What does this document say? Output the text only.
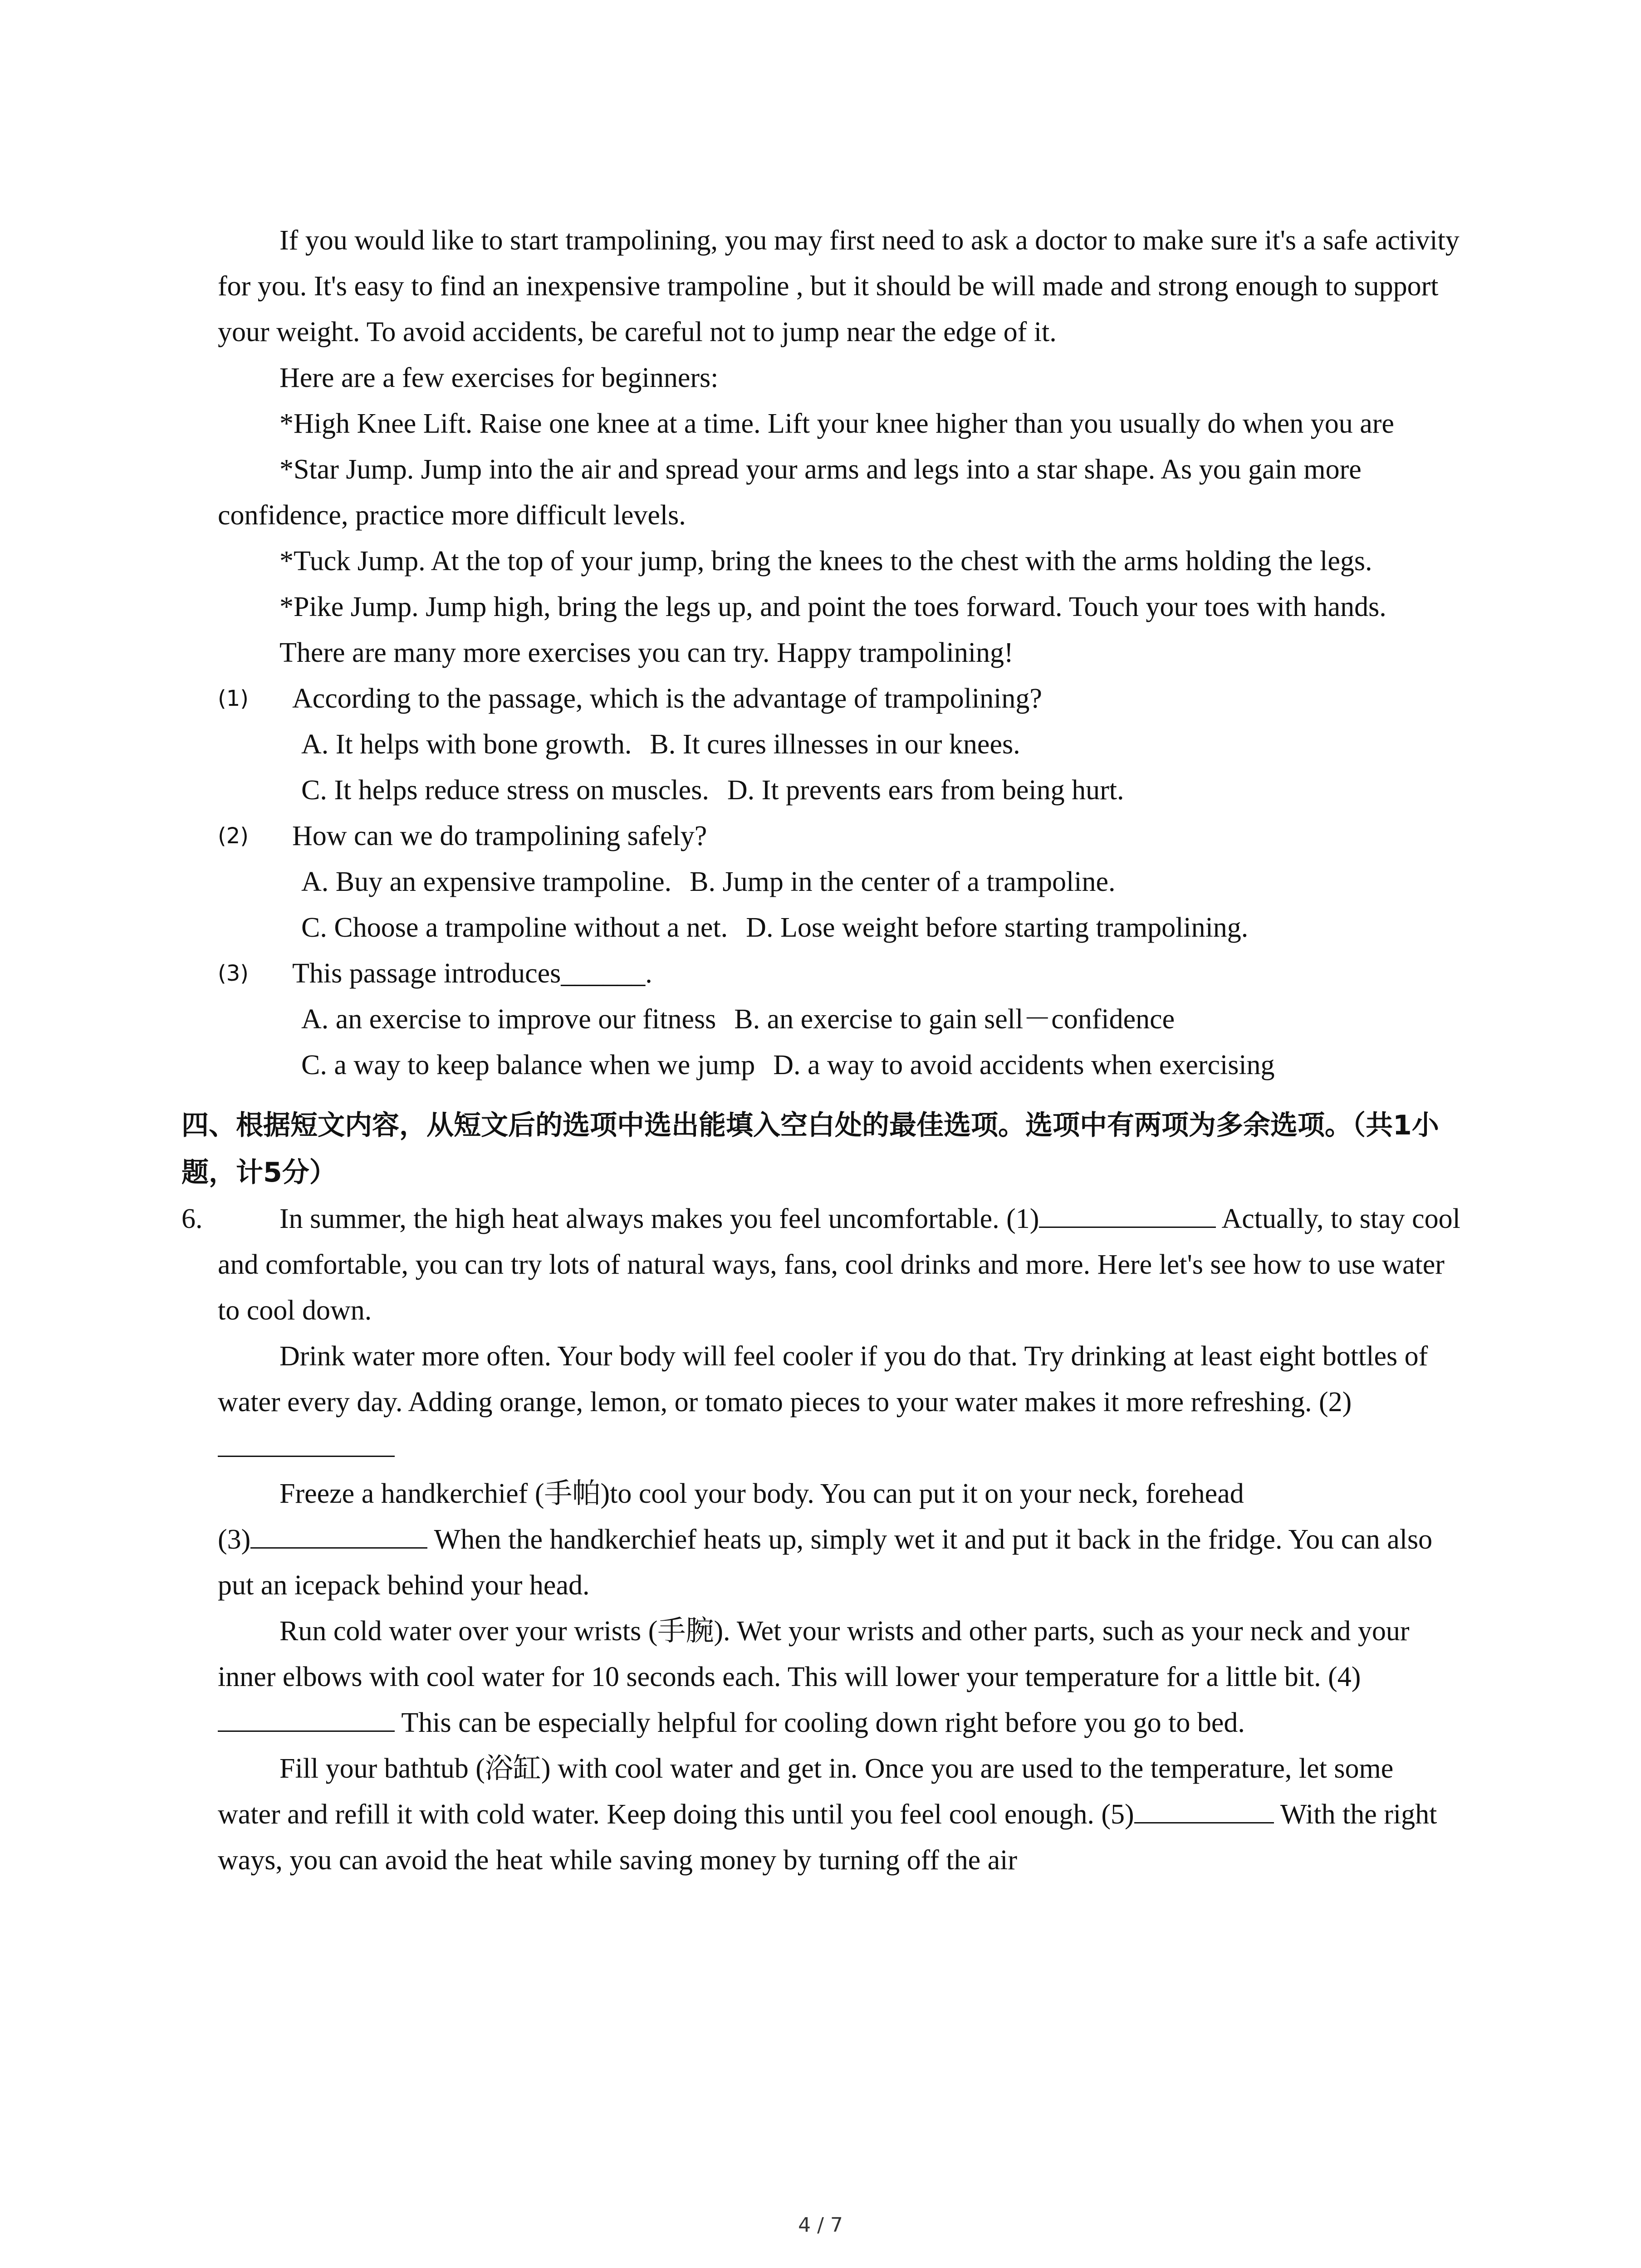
If you would like to start trampolining, you may first need to ask a doctor to make sure it's a safe activity for you. It's easy to find an inexpensive trampoline , but it should be will made and strong enough to support your weight. To avoid accidents, be careful not to jump near the edge of it.

Here are a few exercises for beginners:

*High Knee Lift. Raise one knee at a time. Lift your knee higher than you usually do when you are

*Star Jump. Jump into the air and spread your arms and legs into a star shape. As you gain more confidence, practice more difficult levels.

*Tuck Jump. At the top of your jump, bring the knees to the chest with the arms holding the legs.

*Pike Jump. Jump high, bring the legs up, and point the toes forward. Touch your toes with hands.

There are many more exercises you can try. Happy trampolining!

(1) According to the passage, which is the advantage of trampolining?

A. It helps with bone growth. B. It cures illnesses in our knees.

C. It helps reduce stress on muscles. D. It prevents ears from being hurt.

(2) How can we do trampolining safely?

A. Buy an expensive trampoline. B. Jump in the center of a trampoline.

C. Choose a trampoline without a net. D. Lose weight before starting trampolining.

(3) This passage introduces______.

A. an exercise to improve our fitness B. an exercise to gain sell－confidence

C. a way to keep balance when we jump D. a way to avoid accidents when exercising

四、根据短文内容，从短文后的选项中选出能填入空白处的最佳选项。选项中有两项为多余选项。（共1小题，计5分）

6.	In summer, the high heat always makes you feel uncomfortable. (1)	Actually, to stay cool and comfortable, you can try lots of natural ways, fans, cool drinks and more. Here let's see how to use water to cool down.

Drink water more often. Your body will feel cooler if you do that. Try drinking at least eight bottles of water every day. Adding orange, lemon, or tomato pieces to your water makes it more refreshing. (2)

Freeze a handkerchief (手帕)to cool your body. You can put it on your neck, forehead

(3)	When the handkerchief heats up, simply wet it and put it back in the fridge. You can also put an icepack behind your head.

Run cold water over your wrists (手腕). Wet your wrists and other parts, such as your neck and your inner elbows with cool water for 10 seconds each. This will lower your temperature for a little bit. (4) This can be especially helpful for cooling down right before you go to bed.

Fill your bathtub (浴缸) with cool water and get in. Once you are used to the temperature, let some water and refill it with cold water. Keep doing this until you feel cool enough. (5)	With the right ways, you can avoid the heat while saving money by turning off the air

4 / 7
